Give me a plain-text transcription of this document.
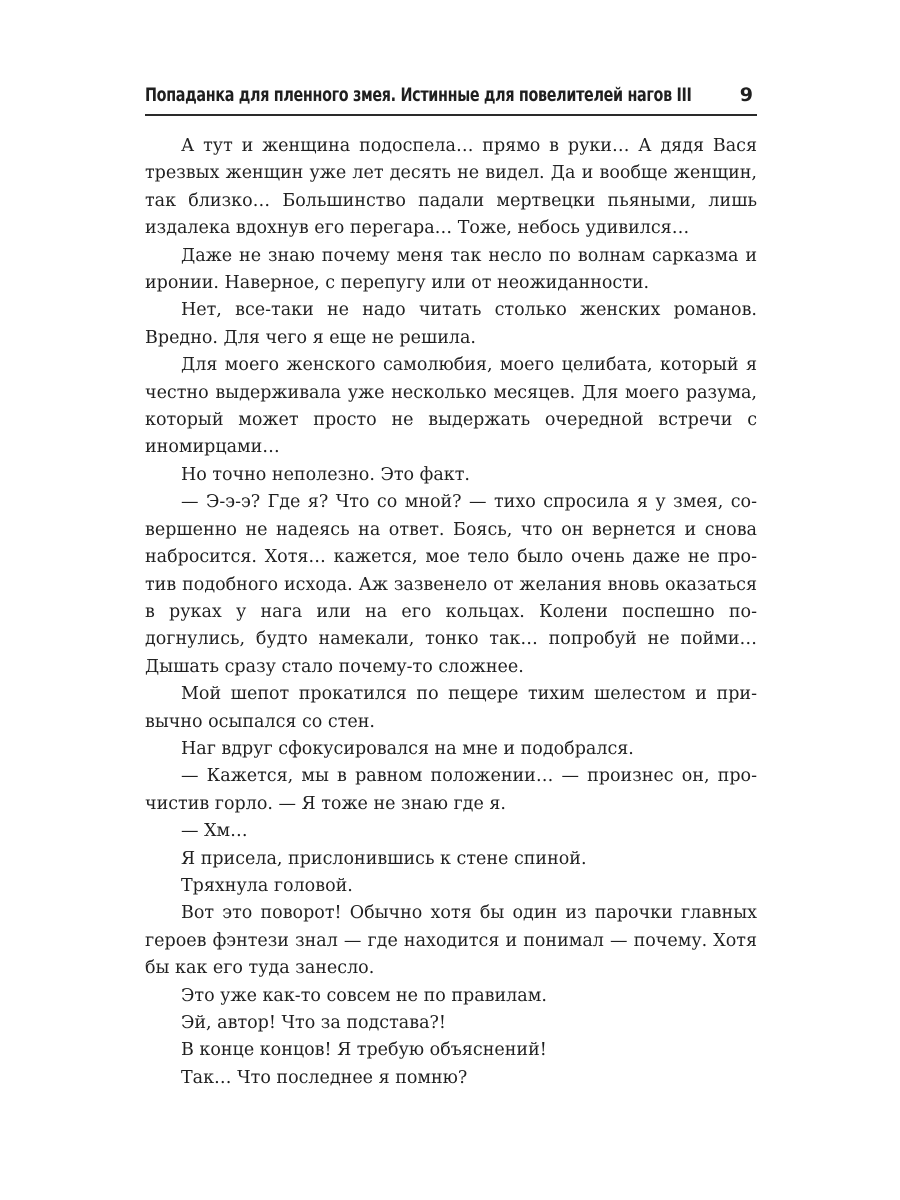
Попаданка для пленного змея. Истинные для повелителей нагов III	9

А тут и женщина подоспела… прямо в руки… А дядя Вася трезвых женщин уже лет десять не видел. Да и вообще женщин, так близко… Большинство падали мертвецки пьяными, лишь издалека вдохнув его перегара… Тоже, небось удивился…

Даже не знаю почему меня так несло по волнам сарказма и иронии. Наверное, с перепугу или от неожиданности.

Нет, все-таки не надо читать столько женских романов. Вредно. Для чего я еще не решила.

Для моего женского самолюбия, моего целибата, который я честно выдерживала уже несколько месяцев. Для моего разума, который может просто не выдержать очередной встречи с иномирцами…

Но точно неполезно. Это факт.

— Э-э-э? Где я? Что со мной? — тихо спросила я у змея, совершенно не надеясь на ответ. Боясь, что он вернется и снова набросится. Хотя… кажется, мое тело было очень даже не против подобного исхода. Аж зазвенело от желания вновь оказаться в руках у нага или на его кольцах. Колени поспешно подогнулись, будто намекали, тонко так… попробуй не пойми… Дышать сразу стало почему-то сложнее.

Мой шепот прокатился по пещере тихим шелестом и привычно осыпался со стен.

Наг вдруг сфокусировался на мне и подобрался.

— Кажется, мы в равном положении… — произнес он, прочистив горло. — Я тоже не знаю где я.

— Хм…

Я присела, прислонившись к стене спиной.

Тряхнула головой.

Вот это поворот! Обычно хотя бы один из парочки главных героев фэнтези знал — где находится и понимал — почему. Хотя бы как его туда занесло.

Это уже как-то совсем не по правилам.

Эй, автор! Что за подстава?!

В конце концов! Я требую объяснений!

Так… Что последнее я помню?
